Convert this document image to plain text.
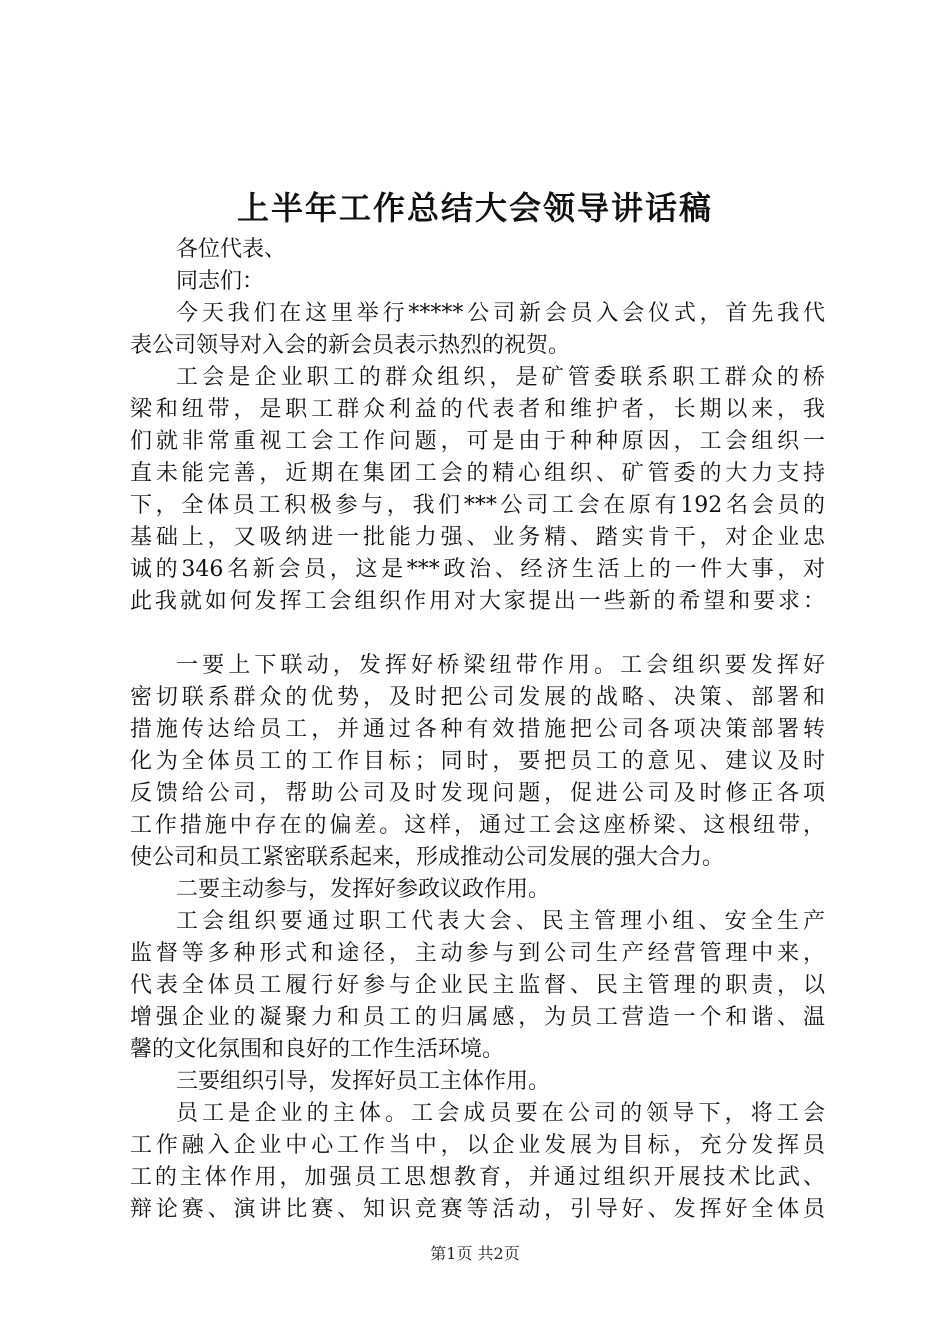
上半年工作总结大会领导讲话稿
各位代表、
同志们：
今天我们在这里举行*****公司新会员入会仪式，首先我代
表公司领导对入会的新会员表示热烈的祝贺。
工会是企业职工的群众组织，是矿管委联系职工群众的桥
梁和纽带，是职工群众利益的代表者和维护者，长期以来，我
们就非常重视工会工作问题，可是由于种种原因，工会组织一
直未能完善，近期在集团工会的精心组织、矿管委的大力支持
下，全体员工积极参与，我们***公司工会在原有192名会员的
基础上，又吸纳进一批能力强、业务精、踏实肯干，对企业忠
诚的346名新会员，这是***政治、经济生活上的一件大事，对
此我就如何发挥工会组织作用对大家提出一些新的希望和要求：
一要上下联动，发挥好桥梁纽带作用。工会组织要发挥好
密切联系群众的优势，及时把公司发展的战略、决策、部署和
措施传达给员工，并通过各种有效措施把公司各项决策部署转
化为全体员工的工作目标；同时，要把员工的意见、建议及时
反馈给公司，帮助公司及时发现问题，促进公司及时修正各项
工作措施中存在的偏差。这样，通过工会这座桥梁、这根纽带，
使公司和员工紧密联系起来，形成推动公司发展的强大合力。
二要主动参与，发挥好参政议政作用。
工会组织要通过职工代表大会、民主管理小组、安全生产
监督等多种形式和途径，主动参与到公司生产经营管理中来，
代表全体员工履行好参与企业民主监督、民主管理的职责，以
增强企业的凝聚力和员工的归属感，为员工营造一个和谐、温
馨的文化氛围和良好的工作生活环境。
三要组织引导，发挥好员工主体作用。
员工是企业的主体。工会成员要在公司的领导下，将工会
工作融入企业中心工作当中，以企业发展为目标，充分发挥员
工的主体作用，加强员工思想教育，并通过组织开展技术比武、
辩论赛、演讲比赛、知识竞赛等活动，引导好、发挥好全体员
第1页 共2页
